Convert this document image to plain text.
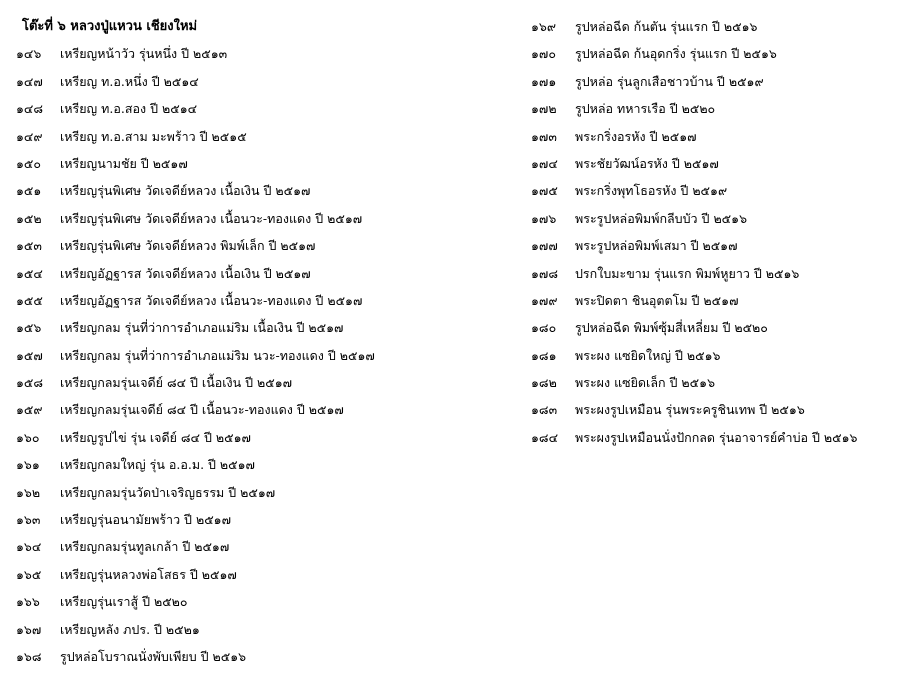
โต๊ะที่ ๖ หลวงปู่แหวน เชียงใหม่
๑๔๖ เหรียญหน้าวัว รุ่นหนึ่ง ปี ๒๕๑๓
๑๔๗ เหรียญ ท.อ.หนึ่ง ปี ๒๕๑๔
๑๔๘ เหรียญ ท.อ.สอง ปี ๒๕๑๔
๑๔๙ เหรียญ ท.อ.สาม มะพร้าว ปี ๒๕๑๕
๑๕๐ เหรียญนามชัย ปี ๒๕๑๗
๑๕๑ เหรียญรุ่นพิเศษ วัดเจดีย์หลวง เนื้อเงิน ปี ๒๕๑๗
๑๕๒ เหรียญรุ่นพิเศษ วัดเจดีย์หลวง เนื้อนวะ-ทองแดง ปี ๒๕๑๗
๑๕๓ เหรียญรุ่นพิเศษ วัดเจดีย์หลวง พิมพ์เล็ก ปี ๒๕๑๗
๑๕๔ เหรียญอัฏฐารส วัดเจดีย์หลวง เนื้อเงิน ปี ๒๕๑๗
๑๕๕ เหรียญอัฏฐารส วัดเจดีย์หลวง เนื้อนวะ-ทองแดง ปี ๒๕๑๗
๑๕๖ เหรียญกลม รุ่นที่ว่าการอำเภอแม่ริม เนื้อเงิน ปี ๒๕๑๗
๑๕๗ เหรียญกลม รุ่นที่ว่าการอำเภอแม่ริม นวะ-ทองแดง ปี ๒๕๑๗
๑๕๘ เหรียญกลมรุ่นเจดีย์ ๘๔ ปี เนื้อเงิน ปี ๒๕๑๗
๑๕๙ เหรียญกลมรุ่นเจดีย์ ๘๔ ปี เนื้อนวะ-ทองแดง ปี ๒๕๑๗
๑๖๐ เหรียญรูปไข่ รุ่น เจดีย์ ๘๔ ปี ๒๕๑๗
๑๖๑ เหรียญกลมใหญ่ รุ่น อ.อ.ม. ปี ๒๕๑๗
๑๖๒ เหรียญกลมรุ่นวัดป่าเจริญธรรม ปี ๒๕๑๗
๑๖๓ เหรียญรุ่นอนามัยพร้าว ปี ๒๕๑๗
๑๖๔ เหรียญกลมรุ่นทูลเกล้า ปี ๒๕๑๗
๑๖๕ เหรียญรุ่นหลวงพ่อโสธร ปี ๒๕๑๗
๑๖๖ เหรียญรุ่นเราสู้ ปี ๒๕๒๐
๑๖๗ เหรียญหลัง ภปร. ปี ๒๕๒๑
๑๖๘ รูปหล่อโบราณนั่งพับเพียบ ปี ๒๕๑๖
๑๖๙ รูปหล่อฉีด ก้นตัน รุ่นแรก ปี ๒๕๑๖
๑๗๐ รูปหล่อฉีด ก้นอุดกริ่ง รุ่นแรก ปี ๒๕๑๖
๑๗๑ รูปหล่อ รุ่นลูกเสือชาวบ้าน ปี ๒๕๑๙
๑๗๒ รูปหล่อ ทหารเรือ ปี ๒๕๒๐
๑๗๓ พระกริ่งอรหัง ปี ๒๕๑๗
๑๗๔ พระชัยวัฒน์อรหัง ปี ๒๕๑๗
๑๗๕ พระกริ่งพุทโธอรหัง ปี ๒๕๑๙
๑๗๖ พระรูปหล่อพิมพ์กลีบบัว ปี ๒๕๑๖
๑๗๗ พระรูปหล่อพิมพ์เสมา ปี ๒๕๑๗
๑๗๘ ปรกใบมะขาม รุ่นแรก พิมพ์หูยาว ปี ๒๕๑๖
๑๗๙ พระปิดตา ชินอุตตโม ปี ๒๕๑๗
๑๘๐ รูปหล่อฉีด พิมพ์ซุ้มสี่เหลี่ยม ปี ๒๕๒๐
๑๘๑ พระผง แซยิดใหญ่ ปี ๒๕๑๖
๑๘๒ พระผง แซยิดเล็ก ปี ๒๕๑๖
๑๘๓ พระผงรูปเหมือน รุ่นพระครูชินเทพ ปี ๒๕๑๖
๑๘๔ พระผงรูปเหมือนนั่งปักกลด รุ่นอาจารย์คำบ่อ ปี ๒๕๑๖
